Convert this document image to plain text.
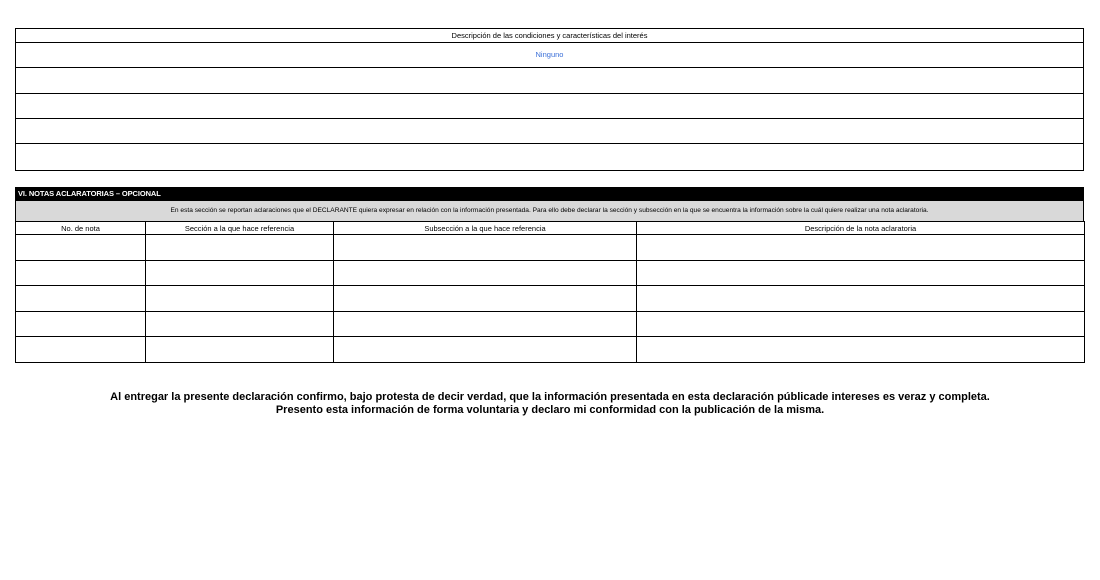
Descripción de las condiciones y características del interés
Ninguno
VI. NOTAS ACLARATORIAS – OPCIONAL
En esta sección se reportan aclaraciones que el DECLARANTE quiera expresar en relación con la información presentada. Para ello debe declarar la sección y subsección en la que se encuentra la información sobre la cuál quiere realizar una nota aclaratoria.
No. de nota	Sección a la que hace referencia	Subsección a la que hace referencia	Descripción de la nota aclaratoria

Al entregar la presente declaración confirmo, bajo protesta de decir verdad, que la información presentada en esta declaración públicade intereses es veraz y completa.
Presento esta información de forma voluntaria y declaro mi conformidad con la publicación de la misma.
